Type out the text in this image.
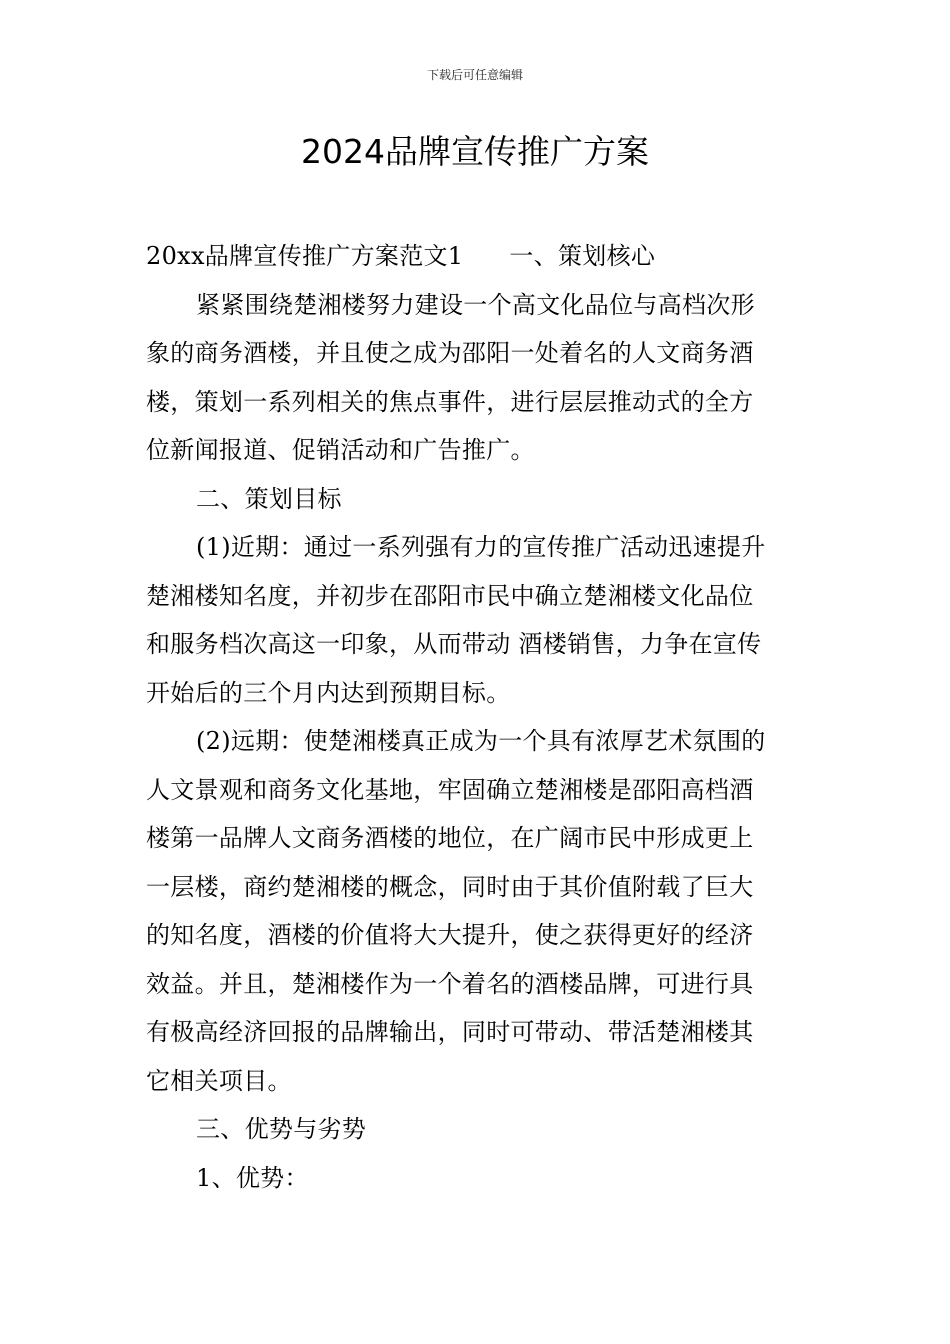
下载后可任意编辑
2024品牌宣传推广方案
20xx品牌宣传推广方案范文1 一、策划核心
紧紧围绕楚湘楼努力建设一个高文化品位与高档次形
象的商务酒楼，并且使之成为邵阳一处着名的人文商务酒
楼，策划一系列相关的焦点事件，进行层层推动式的全方
位新闻报道、促销活动和广告推广。
二、策划目标
(1)近期：通过一系列强有力的宣传推广活动迅速提升
楚湘楼知名度，并初步在邵阳市民中确立楚湘楼文化品位
和服务档次高这一印象，从而带动 酒楼销售，力争在宣传
开始后的三个月内达到预期目标。
(2)远期：使楚湘楼真正成为一个具有浓厚艺术氛围的
人文景观和商务文化基地，牢固确立楚湘楼是邵阳高档酒
楼第一品牌人文商务酒楼的地位，在广阔市民中形成更上
一层楼，商约楚湘楼的概念，同时由于其价值附载了巨大
的知名度，酒楼的价值将大大提升，使之获得更好的经济
效益。并且，楚湘楼作为一个着名的酒楼品牌，可进行具
有极高经济回报的品牌输出，同时可带动、带活楚湘楼其
它相关项目。
三、优势与劣势
1、优势：
